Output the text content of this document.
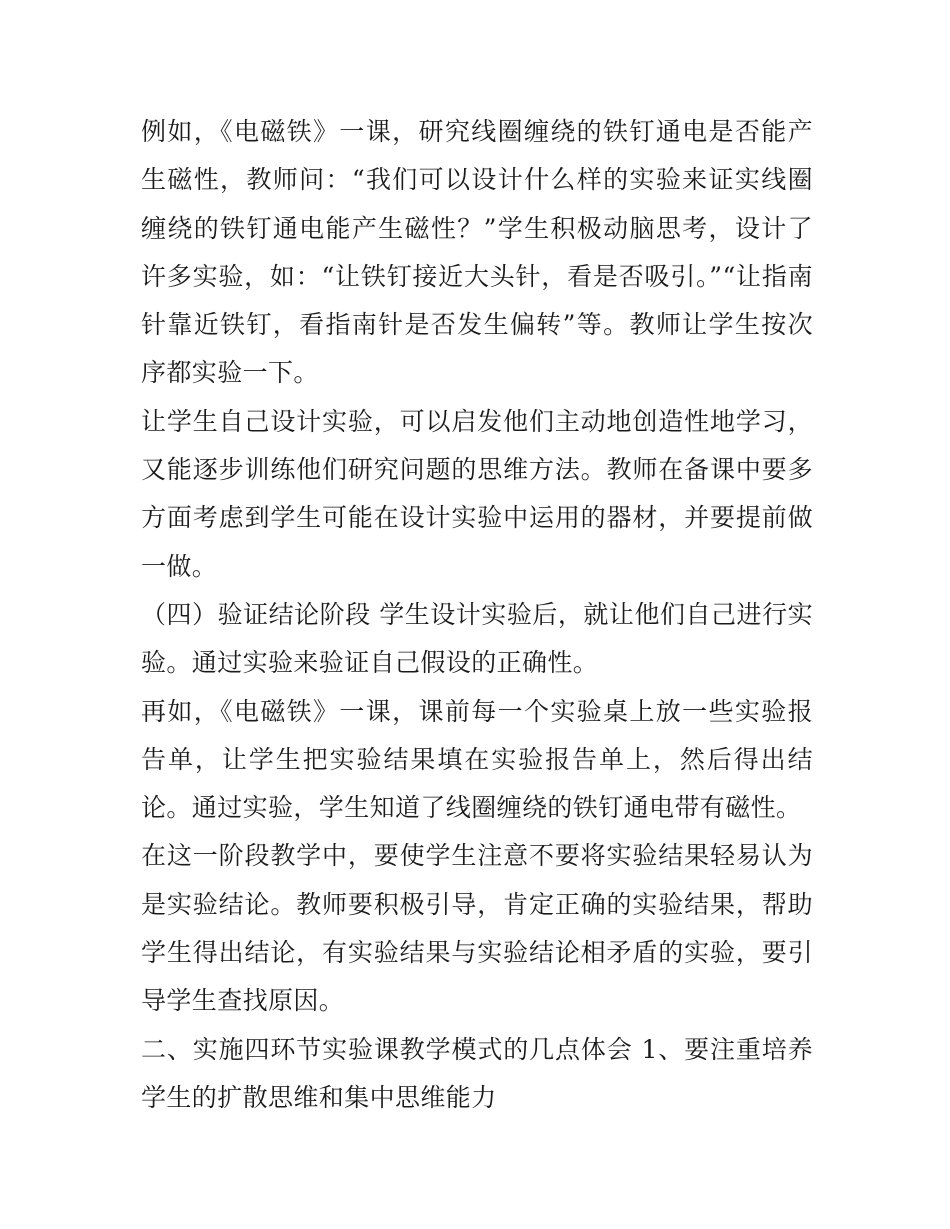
例如，《电磁铁》一课，研究线圈缠绕的铁钉通电是否能产生磁性，教师问：“我们可以设计什么样的实验来证实线圈缠绕的铁钉通电能产生磁性？”学生积极动脑思考，设计了许多实验，如：“让铁钉接近大头针，看是否吸引。”“让指南针靠近铁钉，看指南针是否发生偏转”等。教师让学生按次序都实验一下。

让学生自己设计实验，可以启发他们主动地创造性地学习，又能逐步训练他们研究问题的思维方法。教师在备课中要多方面考虑到学生可能在设计实验中运用的器材，并要提前做一做。

（四）验证结论阶段 学生设计实验后，就让他们自己进行实验。通过实验来验证自己假设的正确性。

再如，《电磁铁》一课，课前每一个实验桌上放一些实验报告单，让学生把实验结果填在实验报告单上，然后得出结论。通过实验，学生知道了线圈缠绕的铁钉通电带有磁性。

在这一阶段教学中，要使学生注意不要将实验结果轻易认为是实验结论。教师要积极引导，肯定正确的实验结果，帮助学生得出结论，有实验结果与实验结论相矛盾的实验，要引导学生查找原因。

二、实施四环节实验课教学模式的几点体会 1、要注重培养学生的扩散思维和集中思维能力
